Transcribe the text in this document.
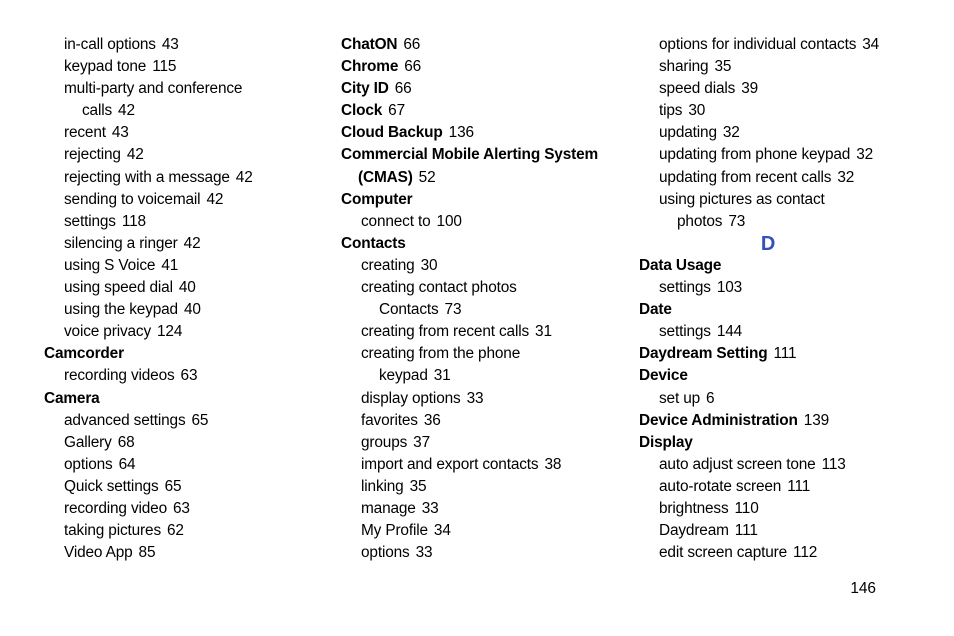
in-call options 43
keypad tone 115
multi-party and conference
calls 42
recent 43
rejecting 42
rejecting with a message 42
sending to voicemail 42
settings 118
silencing a ringer 42
using S Voice 41
using speed dial 40
using the keypad 40
voice privacy 124
Camcorder
recording videos 63
Camera
advanced settings 65
Gallery 68
options 64
Quick settings 65
recording video 63
taking pictures 62
Video App 85
ChatON 66
Chrome 66
City ID 66
Clock 67
Cloud Backup 136
Commercial Mobile Alerting System
(CMAS) 52
Computer
connect to 100
Contacts
creating 30
creating contact photos
Contacts 73
creating from recent calls 31
creating from the phone
keypad 31
display options 33
favorites 36
groups 37
import and export contacts 38
linking 35
manage 33
My Profile 34
options 33
options for individual contacts 34
sharing 35
speed dials 39
tips 30
updating 32
updating from phone keypad 32
updating from recent calls 32
using pictures as contact
photos 73
D
Data Usage
settings 103
Date
settings 144
Daydream Setting 111
Device
set up 6
Device Administration 139
Display
auto adjust screen tone 113
auto-rotate screen 111
brightness 110
Daydream 111
edit screen capture 112
146
